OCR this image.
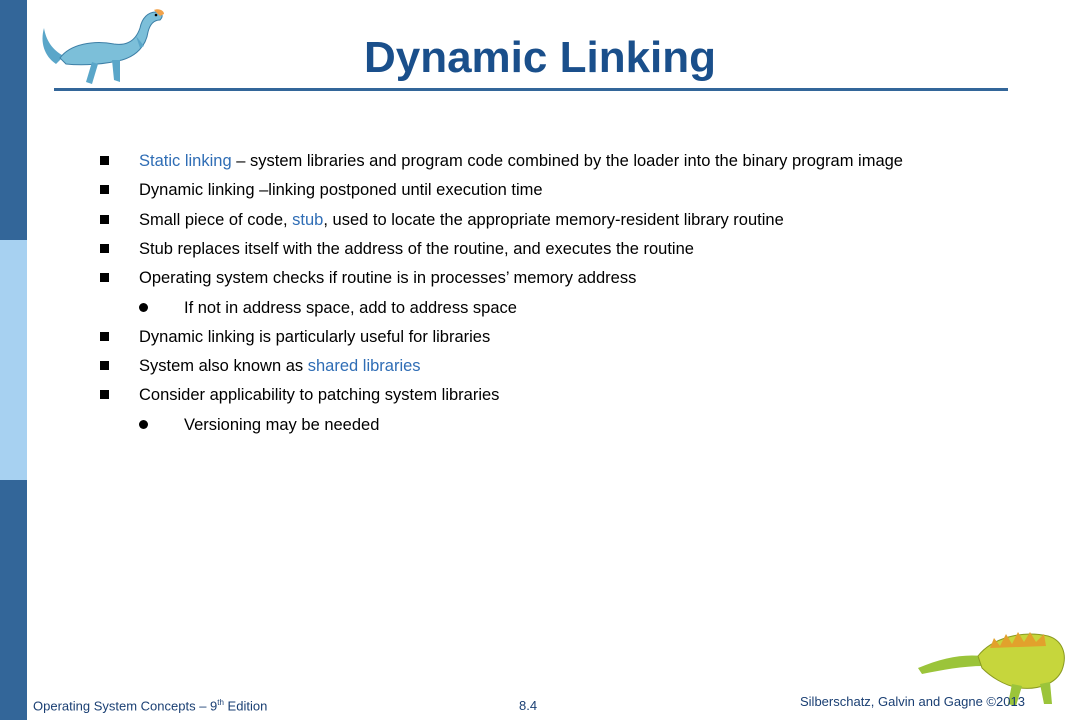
Dynamic Linking
Static linking – system libraries and program code combined by the loader into the binary program image
Dynamic linking –linking postponed until execution time
Small piece of code, stub, used to locate the appropriate memory-resident library routine
Stub replaces itself with the address of the routine, and executes the routine
Operating system checks if routine is in processes’ memory address
If not in address space, add to address space
Dynamic linking is particularly useful for libraries
System also known as shared libraries
Consider applicability to patching system libraries
Versioning may be needed
Operating System Concepts – 9th Edition	8.4	Silberschatz, Galvin and Gagne ©2013
